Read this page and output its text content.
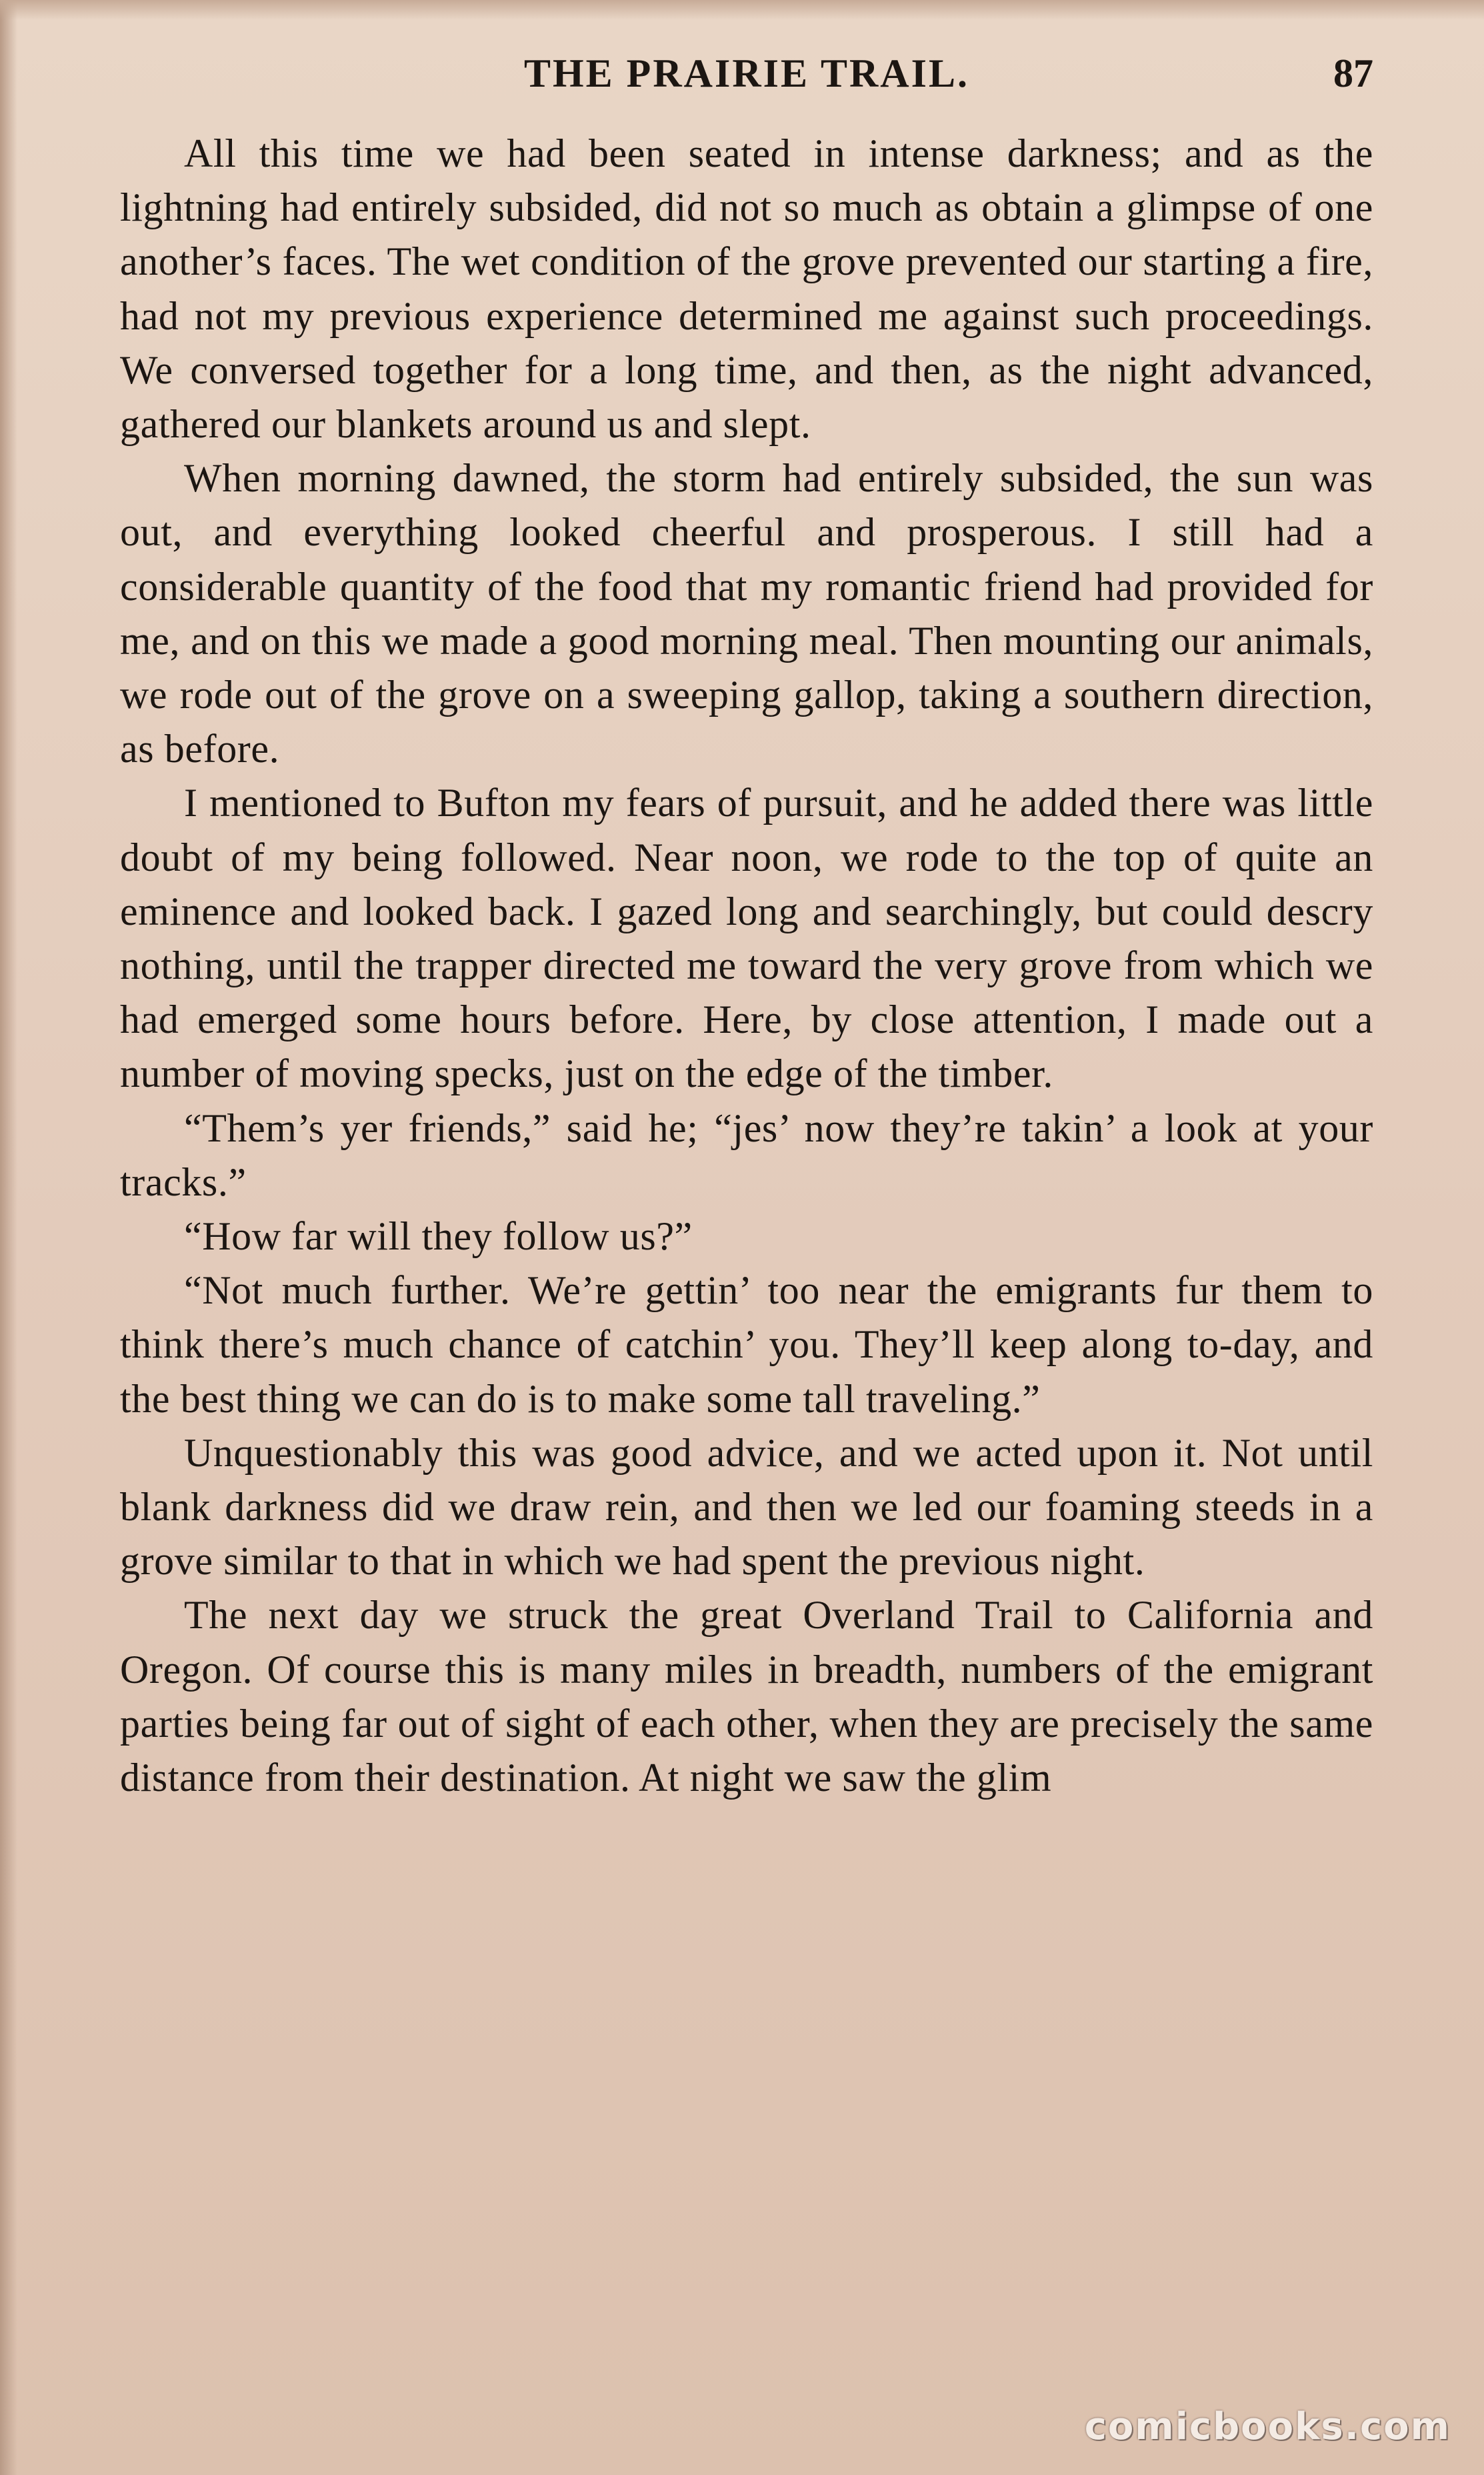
THE PRAIRIE TRAIL.	87

All this time we had been seated in intense darkness; and as the lightning had entirely subsided, did not so much as obtain a glimpse of one another’s faces. The wet condition of the grove prevented our starting a fire, had not my previous experience determined me against such proceedings. We conversed together for a long time, and then, as the night advanced, gathered our blankets around us and slept.

When morning dawned, the storm had entirely subsided, the sun was out, and everything looked cheerful and prosperous. I still had a considerable quantity of the food that my romantic friend had provided for me, and on this we made a good morning meal. Then mounting our animals, we rode out of the grove on a sweeping gallop, taking a southern direction, as before.

I mentioned to Bufton my fears of pursuit, and he added there was little doubt of my being followed. Near noon, we rode to the top of quite an eminence and looked back. I gazed long and searchingly, but could descry nothing, until the trapper directed me toward the very grove from which we had emerged some hours before. Here, by close attention, I made out a number of moving specks, just on the edge of the timber.

“Them’s yer friends,” said he; “jes’ now they’re takin’ a look at your tracks.”

“How far will they follow us?”

“Not much further. We’re gettin’ too near the emigrants fur them to think there’s much chance of catchin’ you. They’ll keep along to-day, and the best thing we can do is to make some tall traveling.”

Unquestionably this was good advice, and we acted upon it. Not until blank darkness did we draw rein, and then we led our foaming steeds in a grove similar to that in which we had spent the previous night.

The next day we struck the great Overland Trail to California and Oregon. Of course this is many miles in breadth, numbers of the emigrant parties being far out of sight of each other, when they are precisely the same distance from their destination. At night we saw the glim

comicbooks.com
